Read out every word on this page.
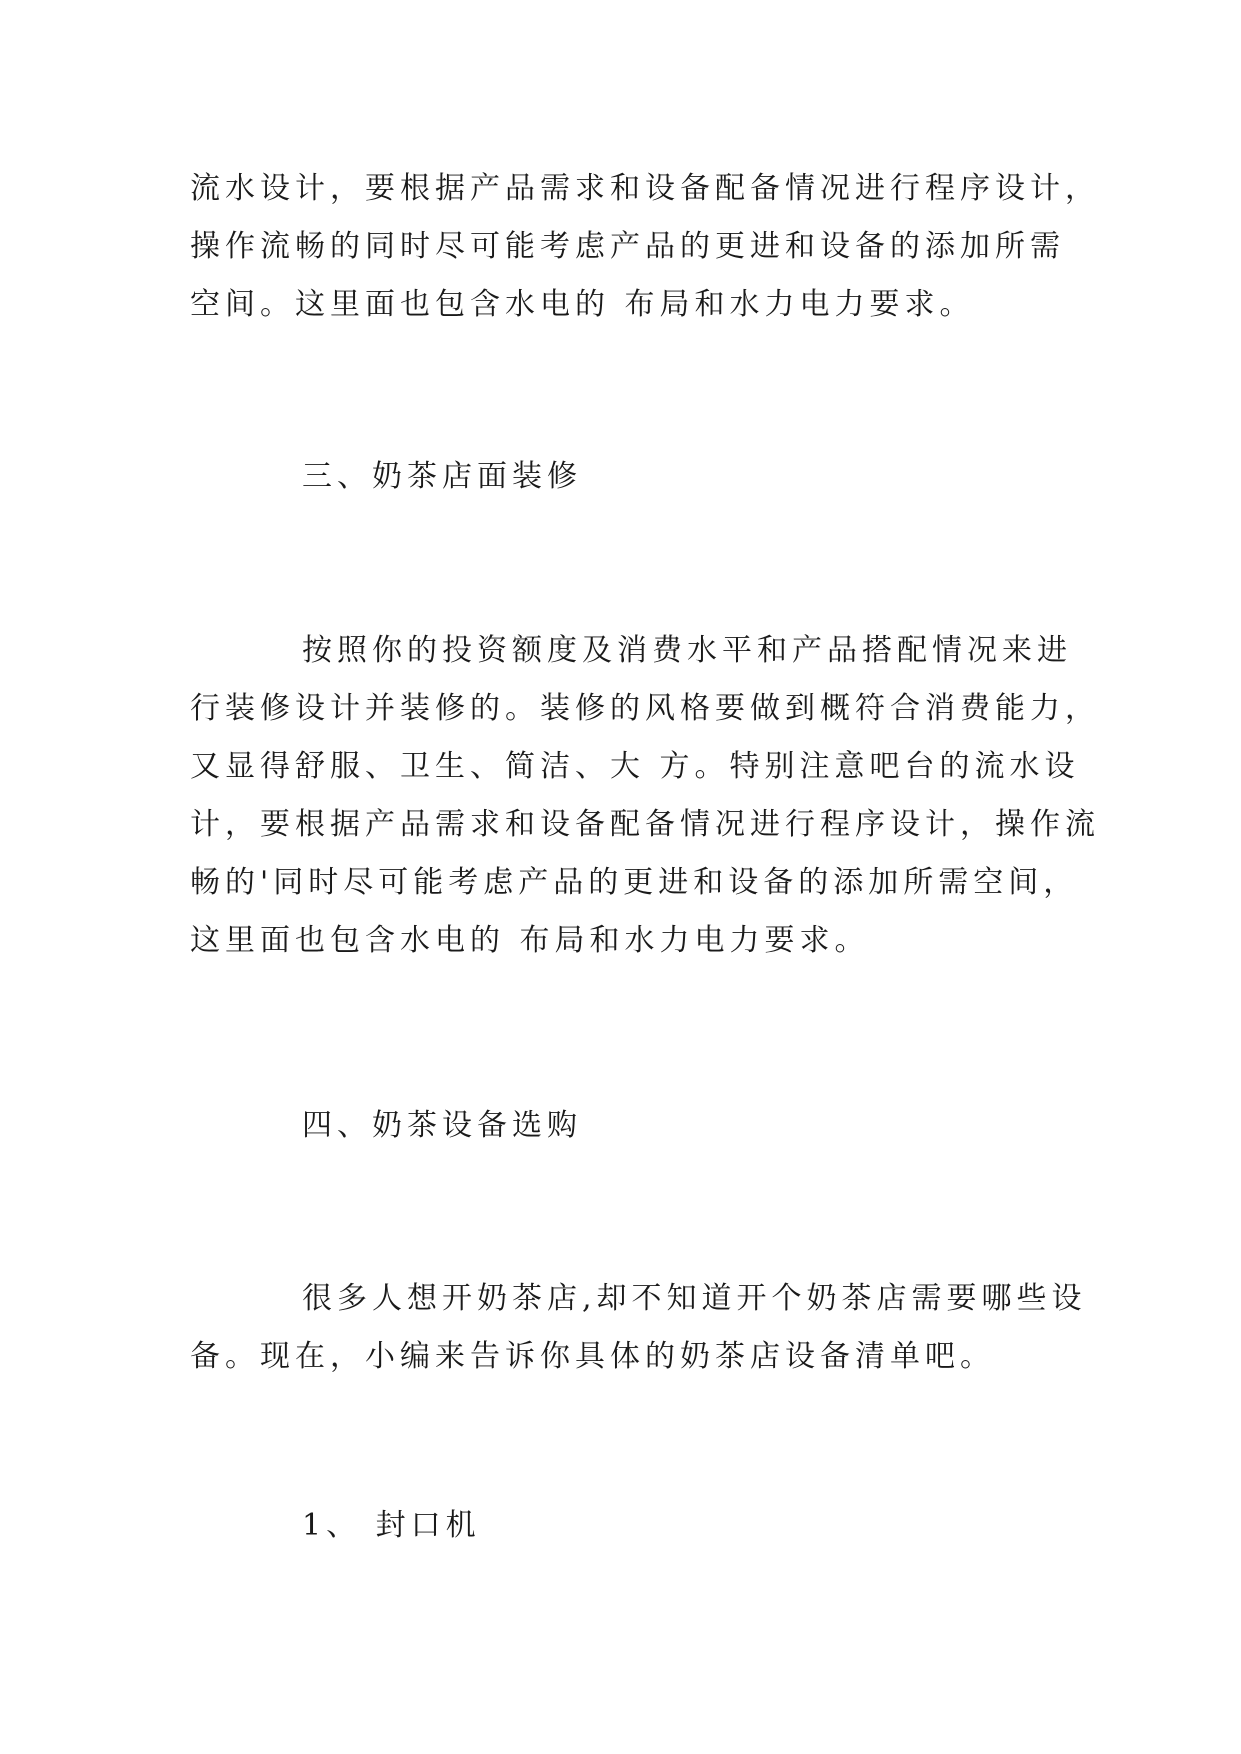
流水设计，要根据产品需求和设备配备情况进行程序设计，
操作流畅的同时尽可能考虑产品的更进和设备的添加所需
空间。这里面也包含水电的 布局和水力电力要求。

三、奶茶店面装修

按照你的投资额度及消费水平和产品搭配情况来进
行装修设计并装修的。装修的风格要做到概符合消费能力，
又显得舒服、卫生、简洁、大 方。特别注意吧台的流水设
计，要根据产品需求和设备配备情况进行程序设计，操作流
畅的'同时尽可能考虑产品的更进和设备的添加所需空间，
这里面也包含水电的 布局和水力电力要求。

四、奶茶设备选购

很多人想开奶茶店,却不知道开个奶茶店需要哪些设
备。现在，小编来告诉你具体的奶茶店设备清单吧。

1、 封口机
